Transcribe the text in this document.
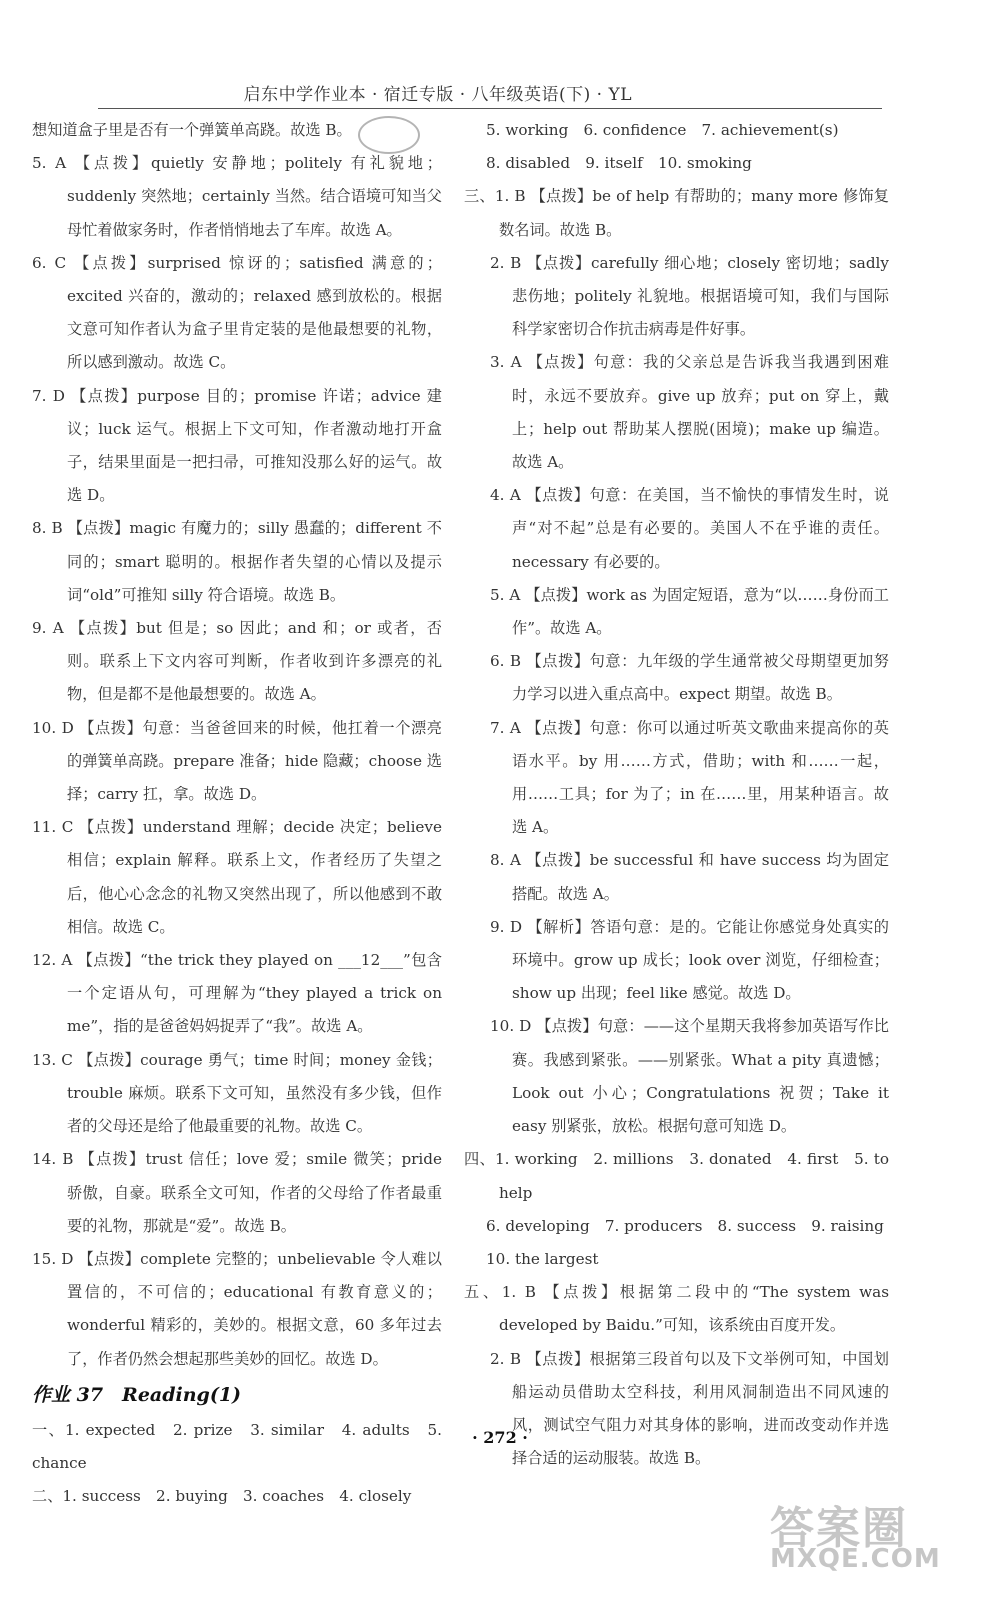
启东中学作业本 · 宿迁专版 · 八年级英语(下) · YL

想知道盒子里是否有一个弹簧单高跷。故选 B。

5. A 【点拨】quietly 安静地；politely 有礼貌地；suddenly 突然地；certainly 当然。结合语境可知当父母忙着做家务时，作者悄悄地去了车库。故选 A。

6. C 【点拨】surprised 惊讶的；satisfied 满意的；excited 兴奋的，激动的；relaxed 感到放松的。根据文意可知作者认为盒子里肯定装的是他最想要的礼物，所以感到激动。故选 C。

7. D 【点拨】purpose 目的；promise 许诺；advice 建议；luck 运气。根据上下文可知，作者激动地打开盒子，结果里面是一把扫帚，可推知没那么好的运气。故选 D。

8. B 【点拨】magic 有魔力的；silly 愚蠢的；different 不同的；smart 聪明的。根据作者失望的心情以及提示词“old”可推知 silly 符合语境。故选 B。

9. A 【点拨】but 但是；so 因此；and 和；or 或者，否则。联系上下文内容可判断，作者收到许多漂亮的礼物，但是都不是他最想要的。故选 A。

10. D 【点拨】句意：当爸爸回来的时候，他扛着一个漂亮的弹簧单高跷。prepare 准备；hide 隐藏；choose 选择；carry 扛，拿。故选 D。

11. C 【点拨】understand 理解；decide 决定；believe 相信；explain 解释。联系上文，作者经历了失望之后，他心心念念的礼物又突然出现了，所以他感到不敢相信。故选 C。

12. A 【点拨】“the trick they played on ___12___”包含一个定语从句，可理解为“they played a trick on me”，指的是爸爸妈妈捉弄了“我”。故选 A。

13. C 【点拨】courage 勇气；time 时间；money 金钱；trouble 麻烦。联系下文可知，虽然没有多少钱，但作者的父母还是给了他最重要的礼物。故选 C。

14. B 【点拨】trust 信任；love 爱；smile 微笑；pride 骄傲，自豪。联系全文可知，作者的父母给了作者最重要的礼物，那就是“爱”。故选 B。

15. D 【点拨】complete 完整的；unbelievable 令人难以置信的，不可信的；educational 有教育意义的；wonderful 精彩的，美妙的。根据文意，60 多年过去了，作者仍然会想起那些美妙的回忆。故选 D。

作业 37　Reading(1)

一、1. expected　2. prize　3. similar　4. adults　5. chance

二、1. success　2. buying　3. coaches　4. closely

5. working　6. confidence　7. achievement(s)

8. disabled　9. itself　10. smoking

三、1. B 【点拨】be of help 有帮助的；many more 修饰复数名词。故选 B。

2. B 【点拨】carefully 细心地；closely 密切地；sadly 悲伤地；politely 礼貌地。根据语境可知，我们与国际科学家密切合作抗击病毒是件好事。

3. A 【点拨】句意：我的父亲总是告诉我当我遇到困难时，永远不要放弃。give up 放弃；put on 穿上，戴上；help out 帮助某人摆脱(困境)；make up 编造。故选 A。

4. A 【点拨】句意：在美国，当不愉快的事情发生时，说声“对不起”总是有必要的。美国人不在乎谁的责任。necessary 有必要的。

5. A 【点拨】work as 为固定短语，意为“以……身份而工作”。故选 A。

6. B 【点拨】句意：九年级的学生通常被父母期望更加努力学习以进入重点高中。expect 期望。故选 B。

7. A 【点拨】句意：你可以通过听英文歌曲来提高你的英语水平。by 用……方式，借助；with 和……一起，用……工具；for 为了；in 在……里，用某种语言。故选 A。

8. A 【点拨】be successful 和 have success 均为固定搭配。故选 A。

9. D 【解析】答语句意：是的。它能让你感觉身处真实的环境中。grow up 成长；look over 浏览，仔细检查；show up 出现；feel like 感觉。故选 D。

10. D 【点拨】句意：——这个星期天我将参加英语写作比赛。我感到紧张。——别紧张。What a pity 真遗憾；Look out 小心；Congratulations 祝贺；Take it easy 别紧张，放松。根据句意可知选 D。

四、1. working　2. millions　3. donated　4. first　5. to help

6. developing　7. producers　8. success　9. raising

10. the largest

五、1. B 【点拨】根据第二段中的“The system was developed by Baidu.”可知，该系统由百度开发。

2. B 【点拨】根据第三段首句以及下文举例可知，中国划船运动员借助太空科技，利用风洞制造出不同风速的风，测试空气阻力对其身体的影响，进而改变动作并选择合适的运动服装。故选 B。

· 272 ·
答案圈
MXQE.COM
